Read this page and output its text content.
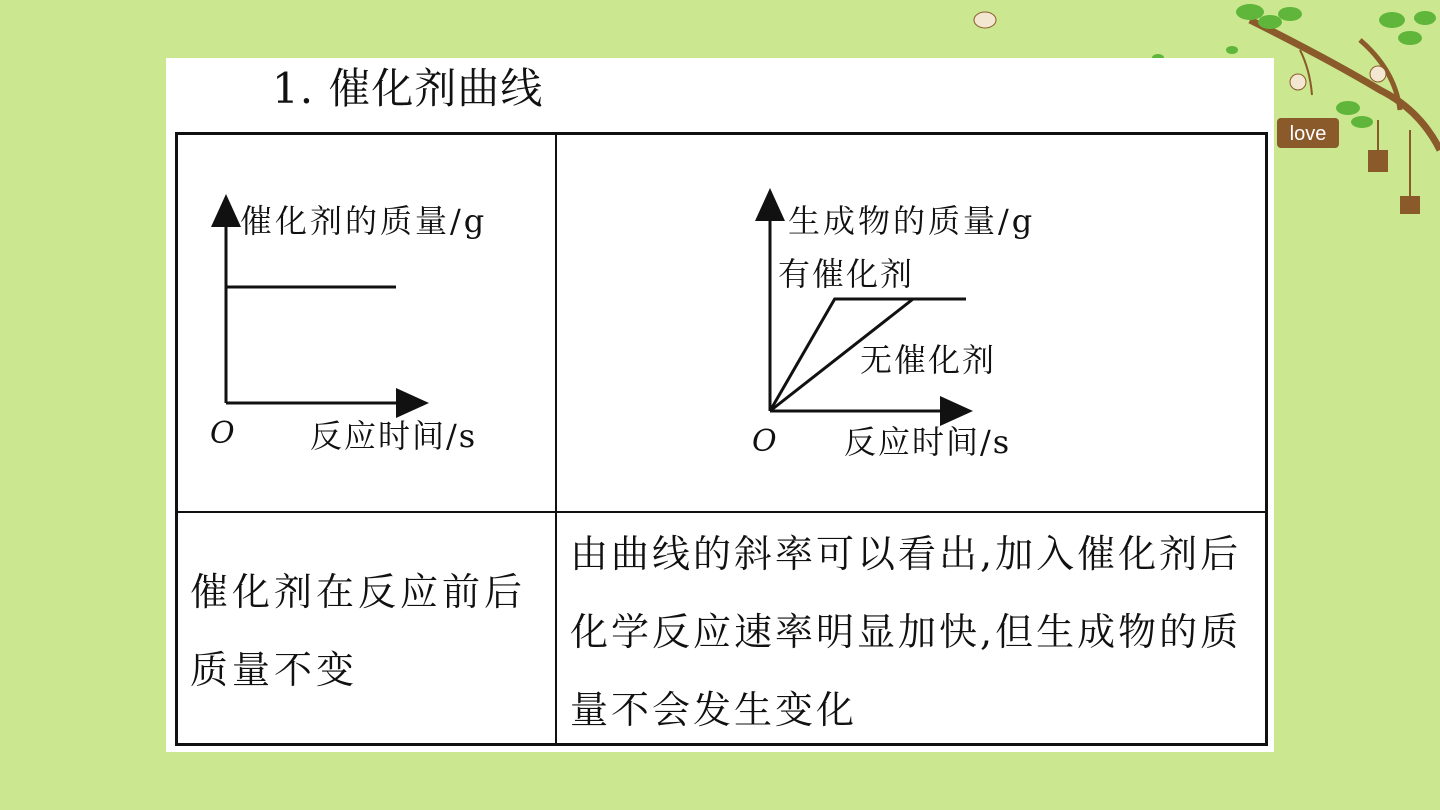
love
1. 催化剂曲线
催化剂的质量/g
反应时间/s
O
生成物的质量/g
有催化剂
无催化剂
反应时间/s
O
催化剂在反应前后质量不变
由曲线的斜率可以看出,加入催化剂后化学反应速率明显加快,但生成物的质量不会发生变化
